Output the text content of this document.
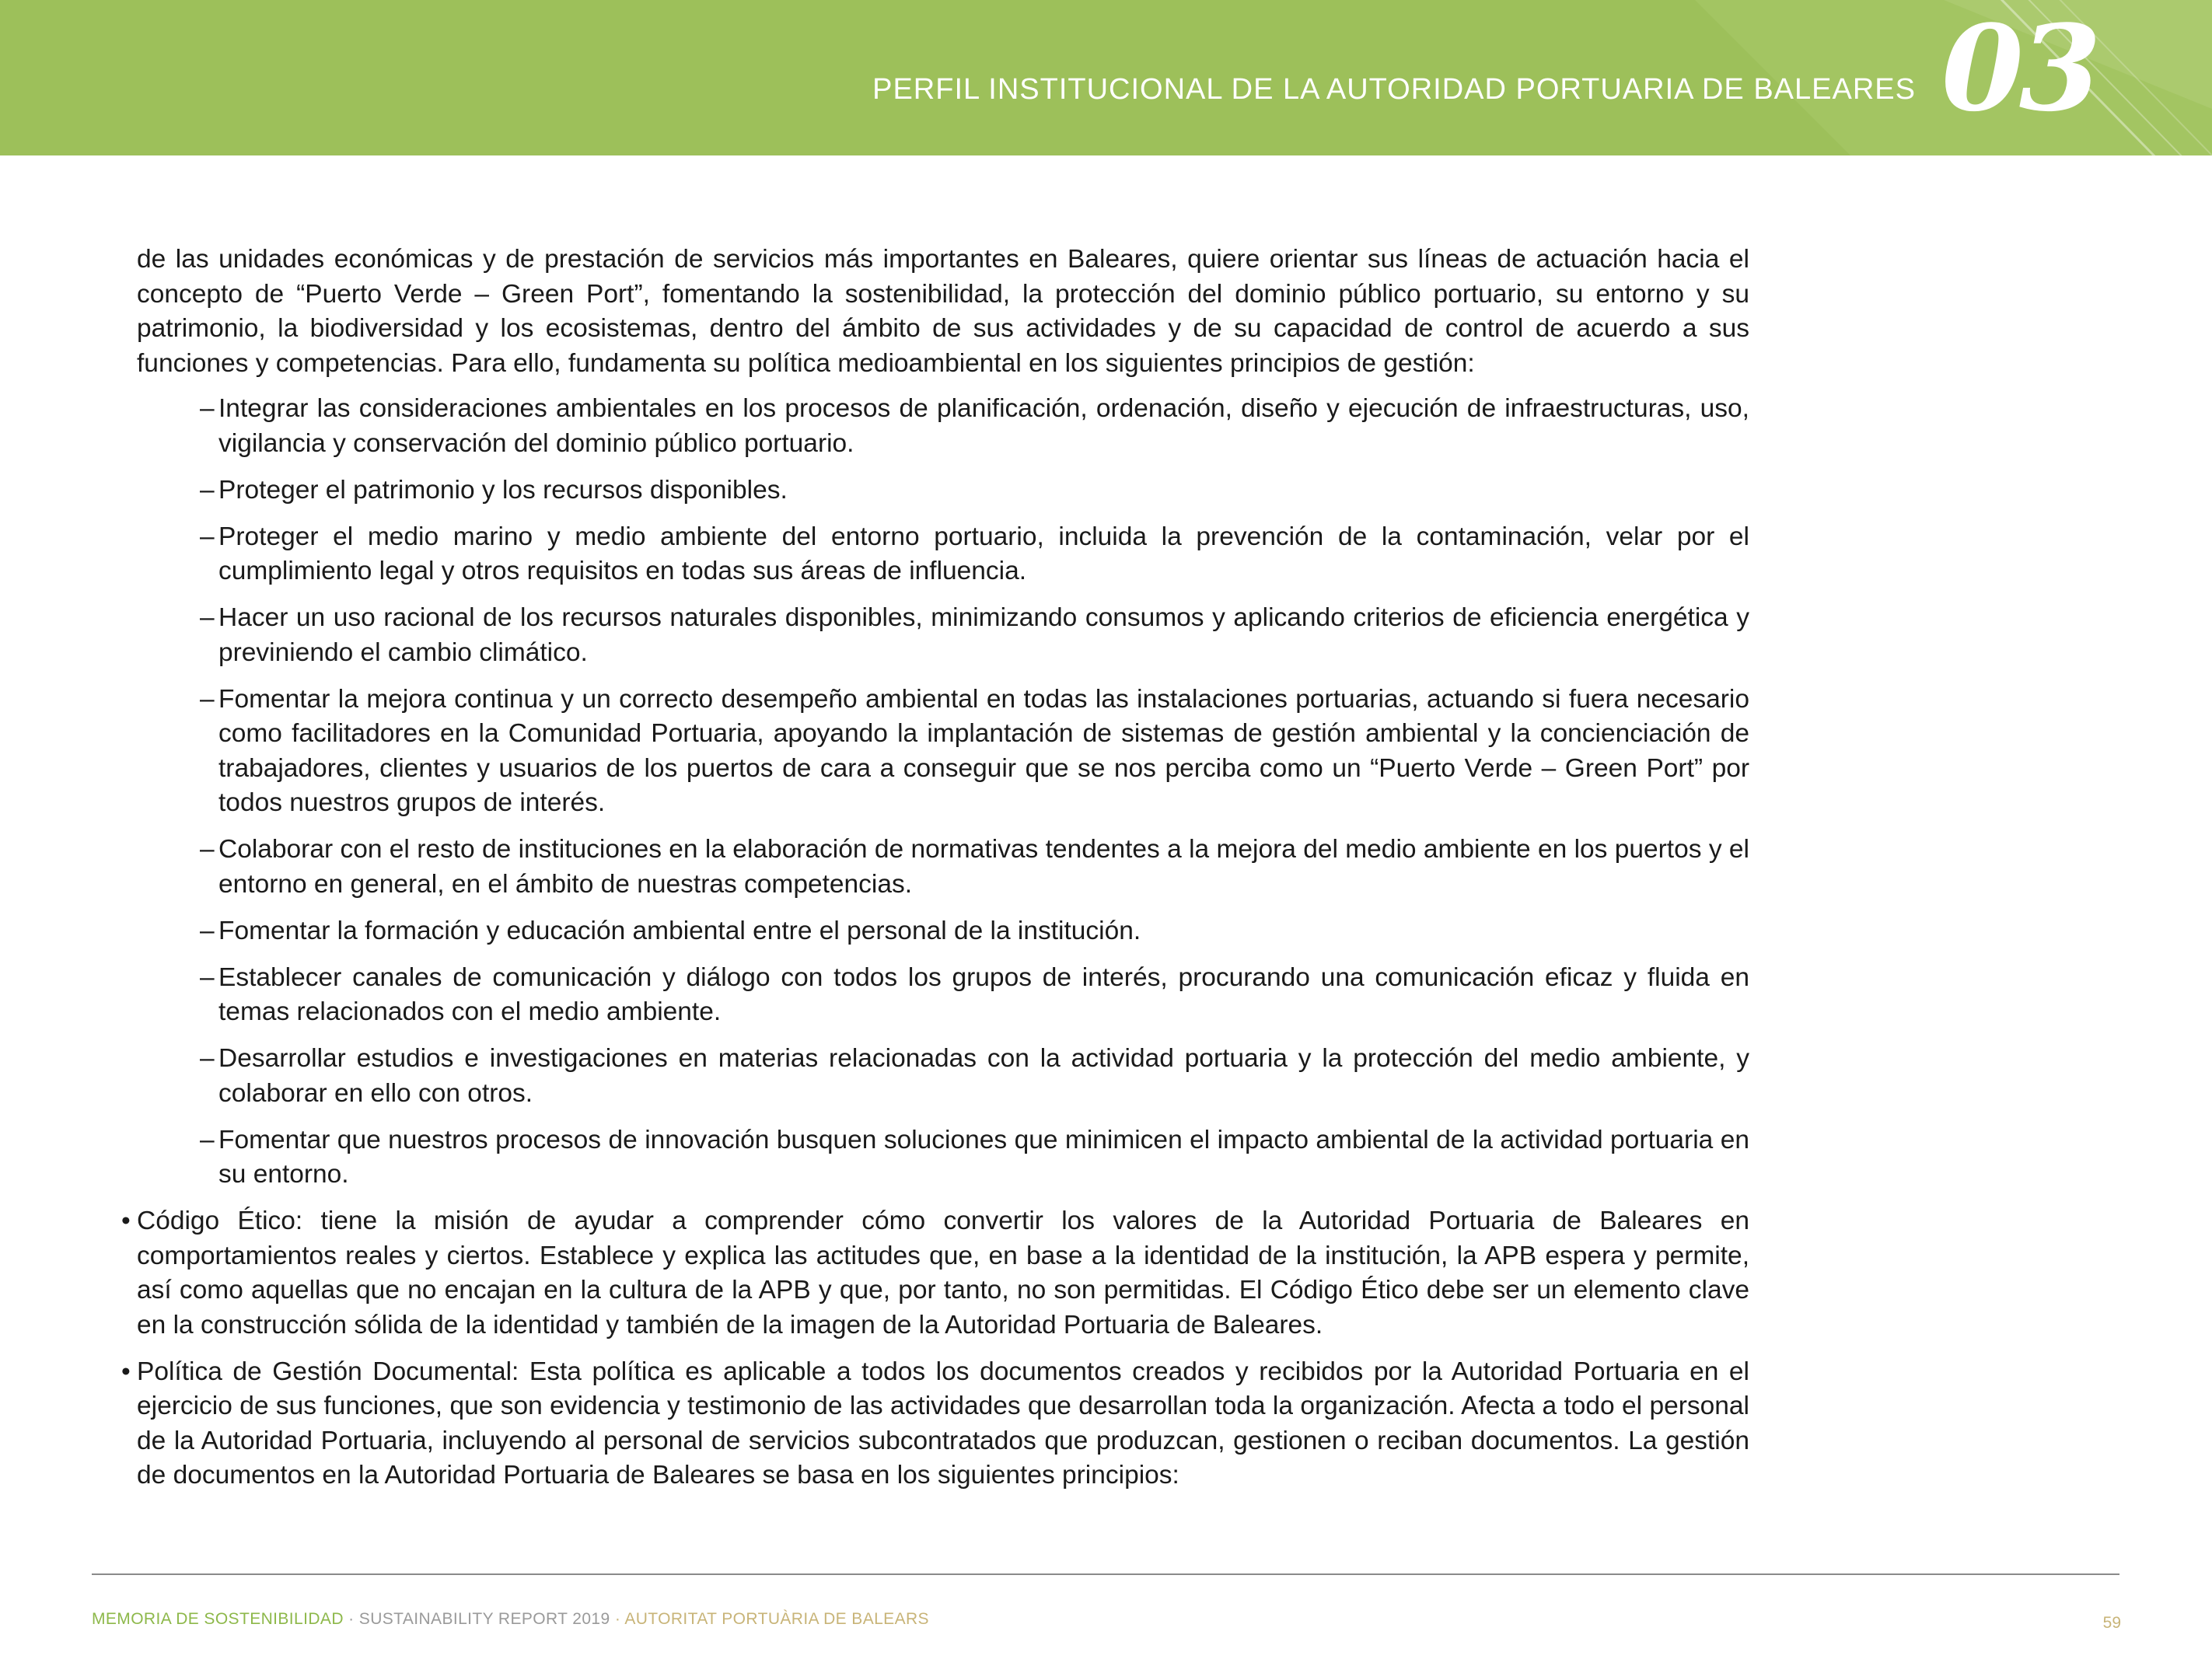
PERFIL INSTITUCIONAL DE LA AUTORIDAD PORTUARIA DE BALEARES 03

de las unidades económicas y de prestación de servicios más importantes en Baleares, quiere orientar sus líneas de actuación hacia el concepto de “Puerto Verde – Green Port”, fomentando la sostenibilidad, la protección del dominio público portuario, su entorno y su patrimonio, la biodiversidad y los ecosistemas, dentro del ámbito de sus actividades y de su capacidad de control de acuerdo a sus funciones y competencias. Para ello, fundamenta su política medioambiental en los siguientes principios de gestión:

– Integrar las consideraciones ambientales en los procesos de planificación, ordenación, diseño y ejecución de infraestructuras, uso, vigilancia y conservación del dominio público portuario.
– Proteger el patrimonio y los recursos disponibles.
– Proteger el medio marino y medio ambiente del entorno portuario, incluida la prevención de la contaminación, velar por el cumplimiento legal y otros requisitos en todas sus áreas de influencia.
– Hacer un uso racional de los recursos naturales disponibles, minimizando consumos y aplicando criterios de eficiencia energética y previniendo el cambio climático.
– Fomentar la mejora continua y un correcto desempeño ambiental en todas las instalaciones portuarias, actuando si fuera necesario como facilitadores en la Comunidad Portuaria, apoyando la implantación de sistemas de gestión ambiental y la concienciación de trabajadores, clientes y usuarios de los puertos de cara a conseguir que se nos perciba como un “Puerto Verde – Green Port” por todos nuestros grupos de interés.
– Colaborar con el resto de instituciones en la elaboración de normativas tendentes a la mejora del medio ambiente en los puertos y el entorno en general, en el ámbito de nuestras competencias.
– Fomentar la formación y educación ambiental entre el personal de la institución.
– Establecer canales de comunicación y diálogo con todos los grupos de interés, procurando una comunicación eficaz y fluida en temas relacionados con el medio ambiente.
– Desarrollar estudios e investigaciones en materias relacionadas con la actividad portuaria y la protección del medio ambiente, y colaborar en ello con otros.
– Fomentar que nuestros procesos de innovación busquen soluciones que minimicen el impacto ambiental de la actividad portuaria en su entorno.

• Código Ético: tiene la misión de ayudar a comprender cómo convertir los valores de la Autoridad Portuaria de Baleares en comportamientos reales y ciertos. Establece y explica las actitudes que, en base a la identidad de la institución, la APB espera y permite, así como aquellas que no encajan en la cultura de la APB y que, por tanto, no son permitidas. El Código Ético debe ser un elemento clave en la construcción sólida de la identidad y también de la imagen de la Autoridad Portuaria de Baleares.

• Política de Gestión Documental: Esta política es aplicable a todos los documentos creados y recibidos por la Autoridad Portuaria en el ejercicio de sus funciones, que son evidencia y testimonio de las actividades que desarrollan toda la organización. Afecta a todo el personal de la Autoridad Portuaria, incluyendo al personal de servicios subcontratados que produzcan, gestionen o reciban documentos. La gestión de documentos en la Autoridad Portuaria de Baleares se basa en los siguientes principios:

MEMORIA DE SOSTENIBILIDAD · SUSTAINABILITY REPORT 2019 · AUTORITAT PORTUÀRIA DE BALEARS	59
